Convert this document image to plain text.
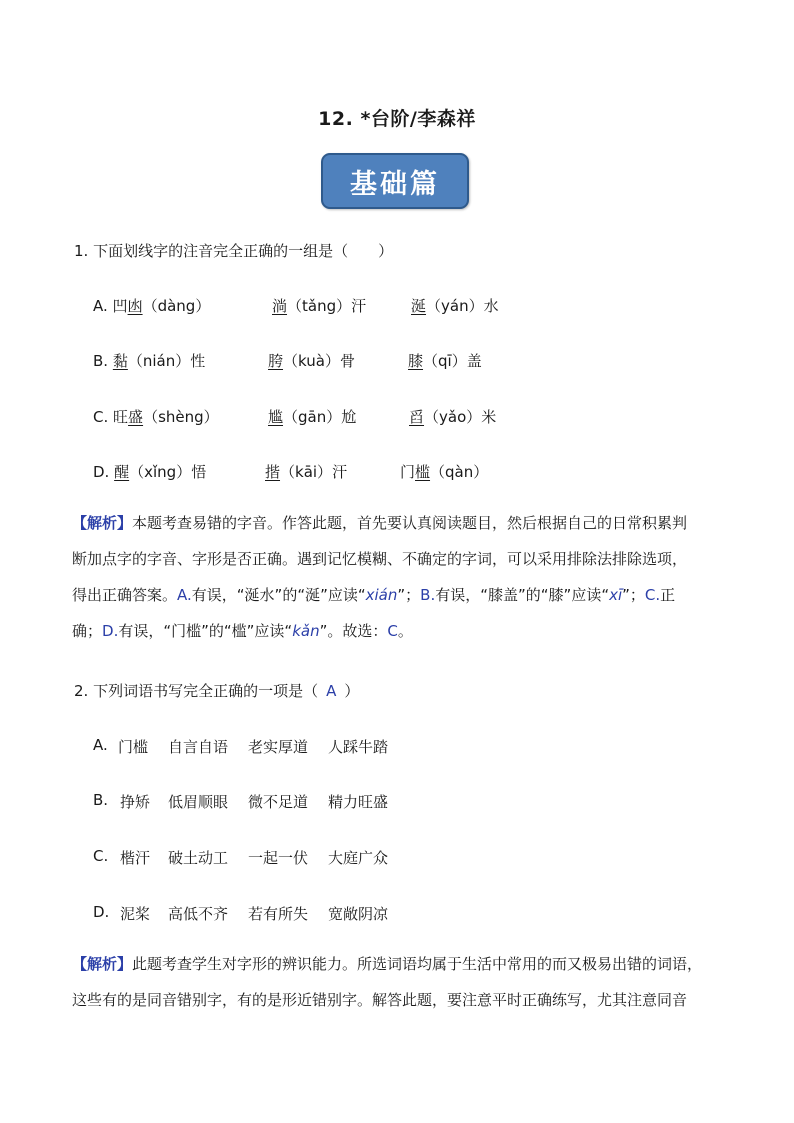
12. *台阶/李森祥
基础篇
1. 下面划线字的注音完全正确的一组是（　　）
A. 凹凼（dàng）	淌（tǎng）汗	涎（yán）水
B. 黏（nián）性	胯（kuà）骨	膝（qī）盖
C. 旺盛（shèng）	尴（gān）尬	舀（yǎo）米
D. 醒（xǐng）悟	揩（kāi）汗	门槛（qàn）
【解析】本题考查易错的字音。作答此题，首先要认真阅读题目，然后根据自己的日常积累判
断加点字的字音、字形是否正确。遇到记忆模糊、不确定的字词，可以采用排除法排除选项，
得出正确答案。A.有误，“涎水”的“涎”应读“xián”；B.有误，“膝盖”的“膝”应读“xī”；C.正
确；D.有误，“门槛”的“槛”应读“kǎn”。故选：C。
2. 下列词语书写完全正确的一项是（ A ）
A. 门槛 自言自语 老实厚道 人踩牛踏
B. 挣矫 低眉顺眼 微不足道 精力旺盛
C. 楷汗 破土动工 一起一伏 大庭广众
D. 泥桨 高低不齐 若有所失 宽敞阴凉
【解析】此题考查学生对字形的辨识能力。所选词语均属于生活中常用的而又极易出错的词语，
这些有的是同音错别字，有的是形近错别字。解答此题，要注意平时正确练写，尤其注意同音
